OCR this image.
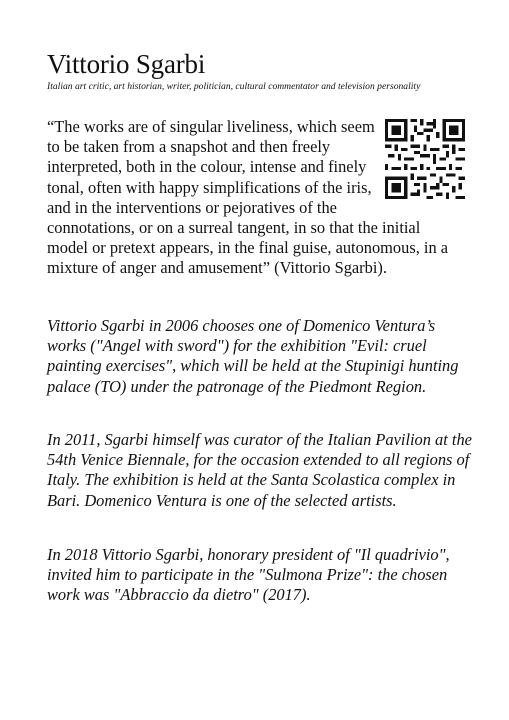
Vittorio Sgarbi

Italian art critic, art historian, writer, politician, cultural commentator and television personality

“The works are of singular liveliness, which seem to be taken from a snapshot and then freely interpreted, both in the colour, intense and finely tonal, often with happy simplifications of the iris, and in the interventions or pejoratives of the connotations, or on a surreal tangent, in so that the initial model or pretext appears, in the final guise, autonomous, in a mixture of anger and amusement” (Vittorio Sgarbi).

Vittorio Sgarbi in 2006 chooses one of Domenico Ventura’s works ("Angel with sword") for the exhibition "Evil: cruel painting exercises", which will be held at the Stupinigi hunting palace (TO) under the patronage of the Piedmont Region.

In 2011, Sgarbi himself was curator of the Italian Pavilion at the 54th Venice Biennale, for the occasion extended to all regions of Italy. The exhibition is held at the Santa Scolastica complex in Bari. Domenico Ventura is one of the selected artists.

In 2018 Vittorio Sgarbi, honorary president of "Il quadrivio", invited him to participate in the "Sulmona Prize": the chosen work was "Abbraccio da dietro" (2017).
